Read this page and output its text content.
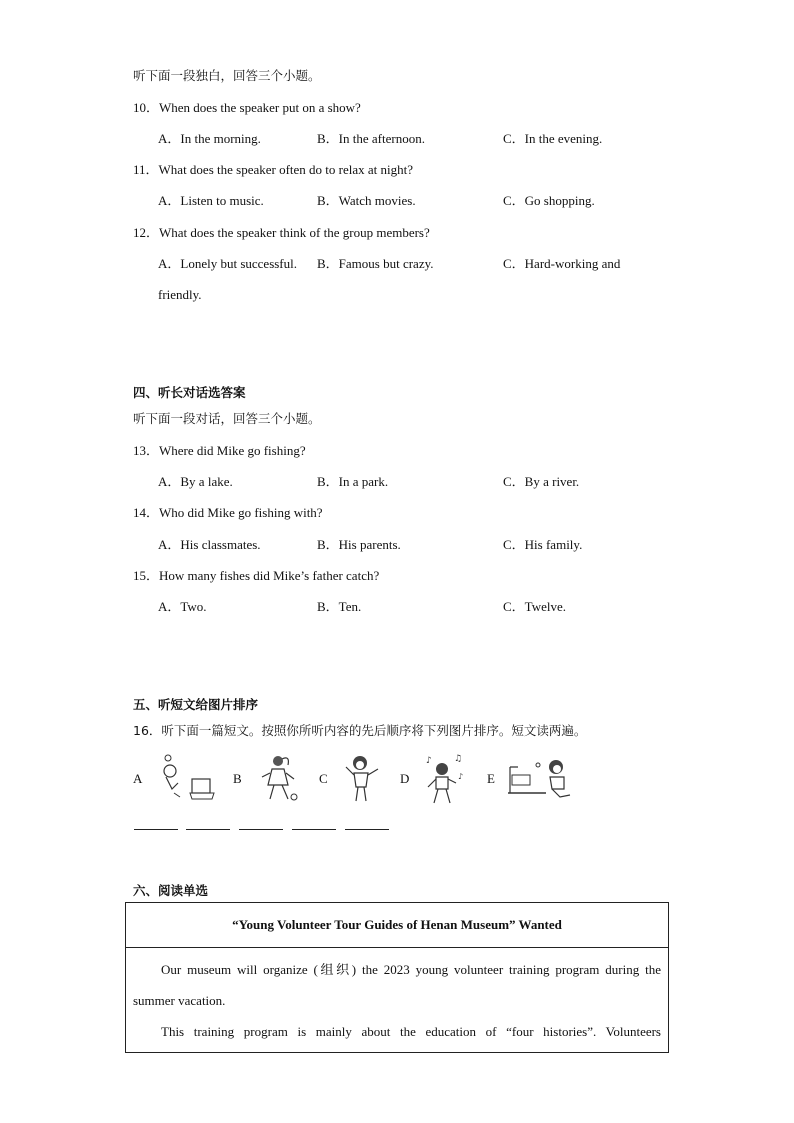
听下面一段独白，回答三个小题。
10．When does the speaker put on a show?
A．In the morning.	B．In the afternoon.	C．In the evening.
11．What does the speaker often do to relax at night?
A．Listen to music.	B．Watch movies.	C．Go shopping.
12．What does the speaker think of the group members?
A．Lonely but successful. B．Famous but crazy.	C．Hard-working and
friendly.
四、听长对话选答案
听下面一段对话，回答三个小题。
13．Where did Mike go fishing?
A．By a lake.	B．In a park.	C．By a river.
14．Who did Mike go fishing with?
A．His classmates.	B．His parents.	C．His family.
15．How many fishes did Mike’s father catch?
A．Two.	B．Ten.	C．Twelve.
五、听短文给图片排序
16．听下面一篇短文。按照你所听内容的先后顺序将下列图片排序。短文读两遍。
A	B	C	D
♪ ♫
♪ E
六、阅读单选
“Young Volunteer Tour Guides of Henan Museum” Wanted

Our museum will organize (组织) the 2023 young volunteer training program during the summer vacation.

This training program is mainly about the education of “four histories”. Volunteers
